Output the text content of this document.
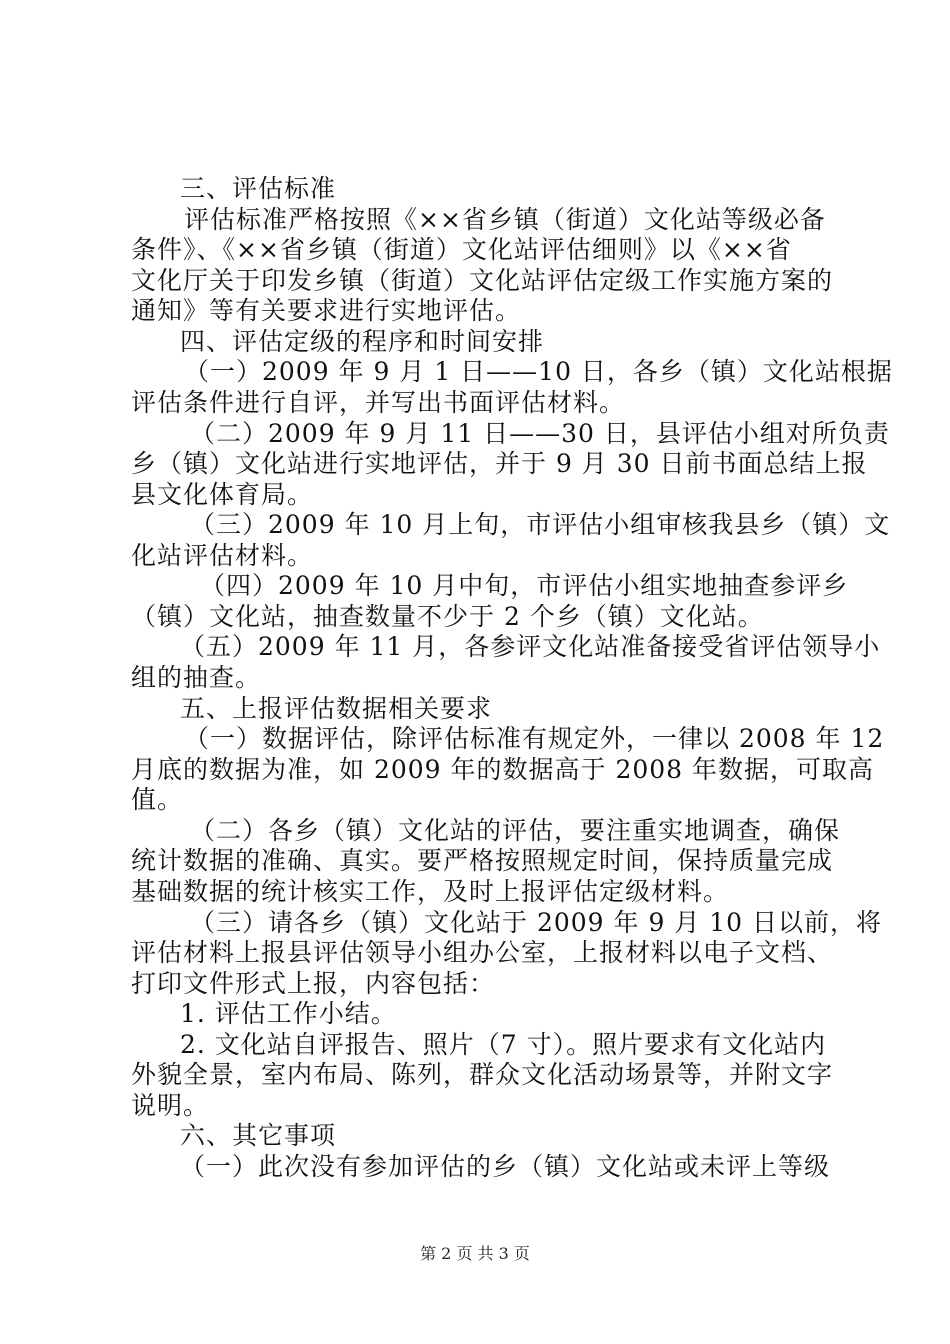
三、评估标准
评估标准严格按照《××省乡镇（街道）文化站等级必备
条件》、《××省乡镇（街道）文化站评估细则》以《××省
文化厅关于印发乡镇（街道）文化站评估定级工作实施方案的
通知》等有关要求进行实地评估。
四、评估定级的程序和时间安排
（一）2009 年 9 月 1 日——10 日，各乡（镇）文化站根据
评估条件进行自评，并写出书面评估材料。
（二）2009 年 9 月 11 日——30 日，县评估小组对所负责
乡（镇）文化站进行实地评估，并于 9 月 30 日前书面总结上报
县文化体育局。
（三）2009 年 10 月上旬，市评估小组审核我县乡（镇）文
化站评估材料。
（四）2009 年 10 月中旬，市评估小组实地抽查参评乡
（镇）文化站，抽查数量不少于 2 个乡（镇）文化站。
（五）2009 年 11 月，各参评文化站准备接受省评估领导小
组的抽查。
五、上报评估数据相关要求
（一）数据评估，除评估标准有规定外，一律以 2008 年 12
月底的数据为准，如 2009 年的数据高于 2008 年数据，可取高
值。
（二）各乡（镇）文化站的评估，要注重实地调查，确保
统计数据的准确、真实。要严格按照规定时间，保持质量完成
基础数据的统计核实工作，及时上报评估定级材料。
（三）请各乡（镇）文化站于 2009 年 9 月 10 日以前，将
评估材料上报县评估领导小组办公室，上报材料以电子文档、
打印文件形式上报，内容包括：
1. 评估工作小结。
2. 文化站自评报告、照片（7 寸）。照片要求有文化站内
外貌全景，室内布局、陈列，群众文化活动场景等，并附文字
说明。
六、其它事项
（一）此次没有参加评估的乡（镇）文化站或未评上等级
第 2 页 共 3 页
